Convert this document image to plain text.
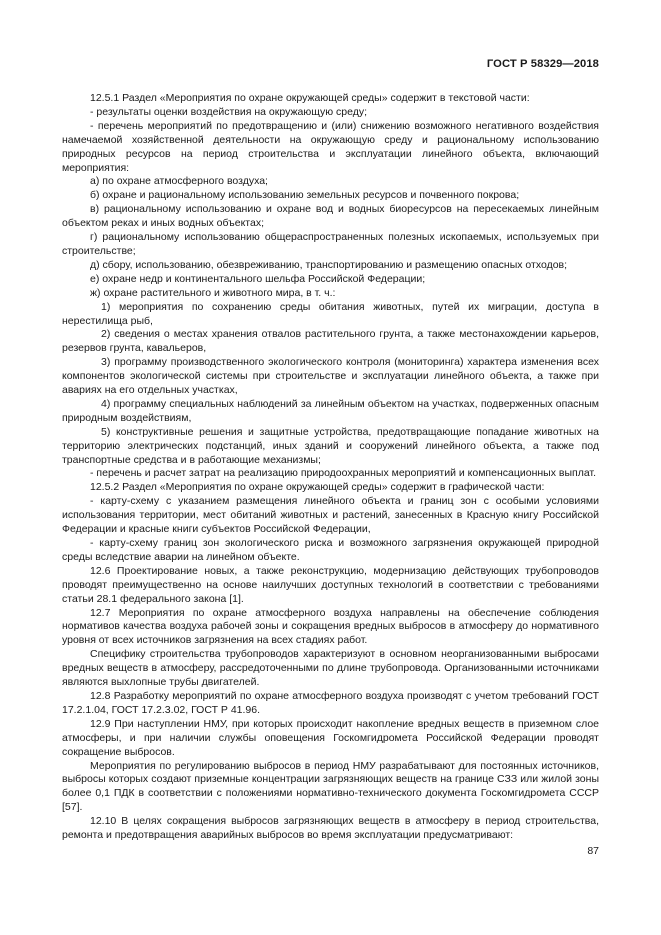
ГОСТ Р 58329—2018

12.5.1 Раздел «Мероприятия по охране окружающей среды» содержит в текстовой части:

- результаты оценки воздействия на окружающую среду;

- перечень мероприятий по предотвращению и (или) снижению возможного негативного воздействия намечаемой хозяйственной деятельности на окружающую среду и рациональному использованию природных ресурсов на период строительства и эксплуатации линейного объекта, включающий мероприятия:

а) по охране атмосферного воздуха;

б) охране и рациональному использованию земельных ресурсов и почвенного покрова;

в) рациональному использованию и охране вод и водных биоресурсов на пересекаемых линейным объектом реках и иных водных объектах;

г) рациональному использованию общераспространенных полезных ископаемых, используемых при строительстве;

д) сбору, использованию, обезвреживанию, транспортированию и размещению опасных отходов;

е) охране недр и континентального шельфа Российской Федерации;

ж) охране растительного и животного мира, в т. ч.:

1) мероприятия по сохранению среды обитания животных, путей их миграции, доступа в нерестилища рыб,

2) сведения о местах хранения отвалов растительного грунта, а также местонахождении карьеров, резервов грунта, кавальеров,

3) программу производственного экологического контроля (мониторинга) характера изменения всех компонентов экологической системы при строительстве и эксплуатации линейного объекта, а также при авариях на его отдельных участках,

4) программу специальных наблюдений за линейным объектом на участках, подверженных опасным природным воздействиям,

5) конструктивные решения и защитные устройства, предотвращающие попадание животных на территорию электрических подстанций, иных зданий и сооружений линейного объекта, а также под транспортные средства и в работающие механизмы;

- перечень и расчет затрат на реализацию природоохранных мероприятий и компенсационных выплат.

12.5.2 Раздел «Мероприятия по охране окружающей среды» содержит в графической части:

- карту-схему с указанием размещения линейного объекта и границ зон с особыми условиями использования территории, мест обитаний животных и растений, занесенных в Красную книгу Российской Федерации и красные книги субъектов Российской Федерации,

- карту-схему границ зон экологического риска и возможного загрязнения окружающей природной среды вследствие аварии на линейном объекте.

12.6 Проектирование новых, а также реконструкцию, модернизацию действующих трубопроводов проводят преимущественно на основе наилучших доступных технологий в соответствии с требованиями статьи 28.1 федерального закона [1].

12.7 Мероприятия по охране атмосферного воздуха направлены на обеспечение соблюдения нормативов качества воздуха рабочей зоны и сокращения вредных выбросов в атмосферу до нормативного уровня от всех источников загрязнения на всех стадиях работ.

Специфику строительства трубопроводов характеризуют в основном неорганизованными выбросами вредных веществ в атмосферу, рассредоточенными по длине трубопровода. Организованными источниками являются выхлопные трубы двигателей.

12.8 Разработку мероприятий по охране атмосферного воздуха производят с учетом требований ГОСТ 17.2.1.04, ГОСТ 17.2.3.02, ГОСТ Р 41.96.

12.9 При наступлении НМУ, при которых происходит накопление вредных веществ в приземном слое атмосферы, и при наличии службы оповещения Госкомгидромета Российской Федерации проводят сокращение выбросов.

Мероприятия по регулированию выбросов в период НМУ разрабатывают для постоянных источников, выбросы которых создают приземные концентрации загрязняющих веществ на границе СЗЗ или жилой зоны более 0,1 ПДК в соответствии с положениями нормативно-технического документа Госкомгидромета СССР [57].

12.10 В целях сокращения выбросов загрязняющих веществ в атмосферу в период строительства, ремонта и предотвращения аварийных выбросов во время эксплуатации предусматривают:

87
